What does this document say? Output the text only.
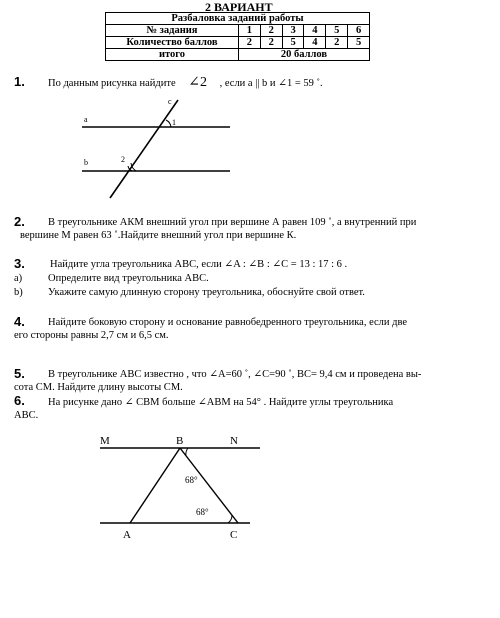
2 ВАРИАНТ
Разбаловка заданий работы						
№ задания	1	2	3	4	5	6
Количество баллов	2	2	5	4	2	5
итого	20 баллов					
1. По данным рисунка найдите ∠2 , если a || b и ∠1 = 59 ˚.
a
b
c
1
2
2. В треугольнике АКМ внешний угол при вершине А равен 109 ˚, а внутренний при
вершине М равен 63 ˚.Найдите внешний угол при вершине К.
3. Найдите угла треугольника ABC, если ∠A : ∠B : ∠C = 13 : 17 : 6 .
a) Определите вид треугольника ABC.
b) Укажите самую длинную сторону треугольника, обоснуйте свой ответ.
4. Найдите боковую сторону и основание равнобедренного треугольника, если две
его стороны равны 2,7 см и 6,5 см.
5. В треугольнике ABC известно , что ∠A=60 ˚, ∠C=90 ˚, BC= 9,4 см и проведена вы-
сота CM. Найдите длину высоты CM.
6. На рисунке дано ∠ CBM больше ∠ABM на 54° . Найдите углы треугольника
ABC.
M	B	N
A	C
68°
68°
